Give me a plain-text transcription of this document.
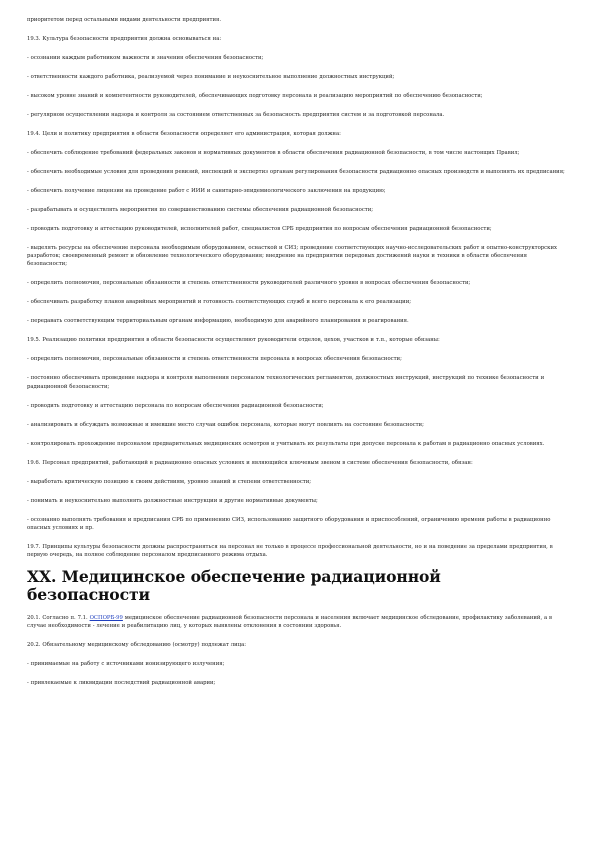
приоритетом перед остальными видами деятельности предприятия.

19.3. Культура безопасности предприятия должна основываться на:

- осознании каждым работником важности и значения обеспечения безопасности;

- ответственности каждого работника, реализуемой через понимание и неукоснительное выполнение должностных инструкций;

- высоком уровне знаний и компетентности руководителей, обеспечивающих подготовку персонала и реализацию мероприятий по обеспечению безопасности;

- регулярном осуществлении надзора и контроля за состоянием ответственных за безопасность предприятия систем и за подготовкой персонала.

19.4. Цели и политику предприятия в области безопасности определяет его администрация, которая должна:

- обеспечить соблюдение требований федеральных законов и нормативных документов в области обеспечения радиационной безопасности, в том числе настоящих Правил;

- обеспечить необходимые условия для проведения ревизий, инспекций и экспертиз органам регулирования безопасности радиационно опасных производств и выполнять их предписания;

- обеспечить получение лицензии на проведение работ с ИИИ и санитарно-эпидемиологического заключения на продукцию;

- разрабатывать и осуществлять мероприятия по совершенствованию системы обеспечения радиационной безопасности;

- проводить подготовку и аттестацию руководителей, исполнителей работ, специалистов СРБ предприятия по вопросам обеспечения радиационной безопасности;

- выделять ресурсы на обеспечение персонала необходимым оборудованием, оснасткой и СИЗ; проведение соответствующих научно-исследовательских работ и опытно-конструкторских разработок; своевременный ремонт и обновление технологического оборудования; внедрение на предприятии передовых достижений науки и техники в области обеспечения безопасности;

- определить полномочия, персональные обязанности и степень ответственности руководителей различного уровня в вопросах обеспечения безопасности;

- обеспечивать разработку планов аварийных мероприятий и готовность соответствующих служб и всего персонала к его реализации;

- передавать соответствующим территориальным органам информацию, необходимую для аварийного планирования и реагирования.

19.5. Реализацию политики предприятия в области безопасности осуществляют руководители отделов, цехов, участков и т.п., которые обязаны:

- определить полномочия, персональные обязанности и степень ответственности персонала в вопросах обеспечения безопасности;

- постоянно обеспечивать проведение надзора и контроля выполнения персоналом технологических регламентов, должностных инструкций, инструкций по технике безопасности и радиационной безопасности;

- проводить подготовку и аттестацию персонала по вопросам обеспечения радиационной безопасности;

- анализировать и обсуждать возможные и имевшие место случаи ошибок персонала, которые могут повлиять на состояние безопасности;

- контролировать прохождение персоналом предварительных медицинских осмотров и учитывать их результаты при допуске персонала к работам в радиационно опасных условиях.

19.6. Персонал предприятий, работающий в радиационно опасных условиях и являющийся ключевым звеном в системе обеспечения безопасности, обязан:

- выработать критическую позицию к своим действиям, уровню знаний и степени ответственности;

- понимать и неукоснительно выполнять должностные инструкции и другие нормативные документы;

- осознанно выполнять требования и предписания СРБ по применению СИЗ, использованию защитного оборудования и приспособлений, ограничению времени работы в радиационно опасных условиях и пр.

19.7. Принципы культуры безопасности должны распространяться на персонал не только в процессе профессиональной деятельности, но и на поведение за пределами предприятия, в первую очередь, на полное соблюдение персоналом предписанного режима отдыха.

XX. Медицинское обеспечение радиационной безопасности

20.1. Согласно п. 7.1. ОСПОРБ-99 медицинское обеспечение радиационной безопасности персонала и населения включает медицинское обследование, профилактику заболеваний, а в случае необходимости - лечение и реабилитацию лиц, у которых выявлены отклонения в состоянии здоровья.

20.2. Обязательному медицинскому обследованию (осмотру) подлежат лица:

- принимаемые на работу с источниками ионизирующего излучения;

- привлекаемые к ликвидации последствий радиационной аварии;
